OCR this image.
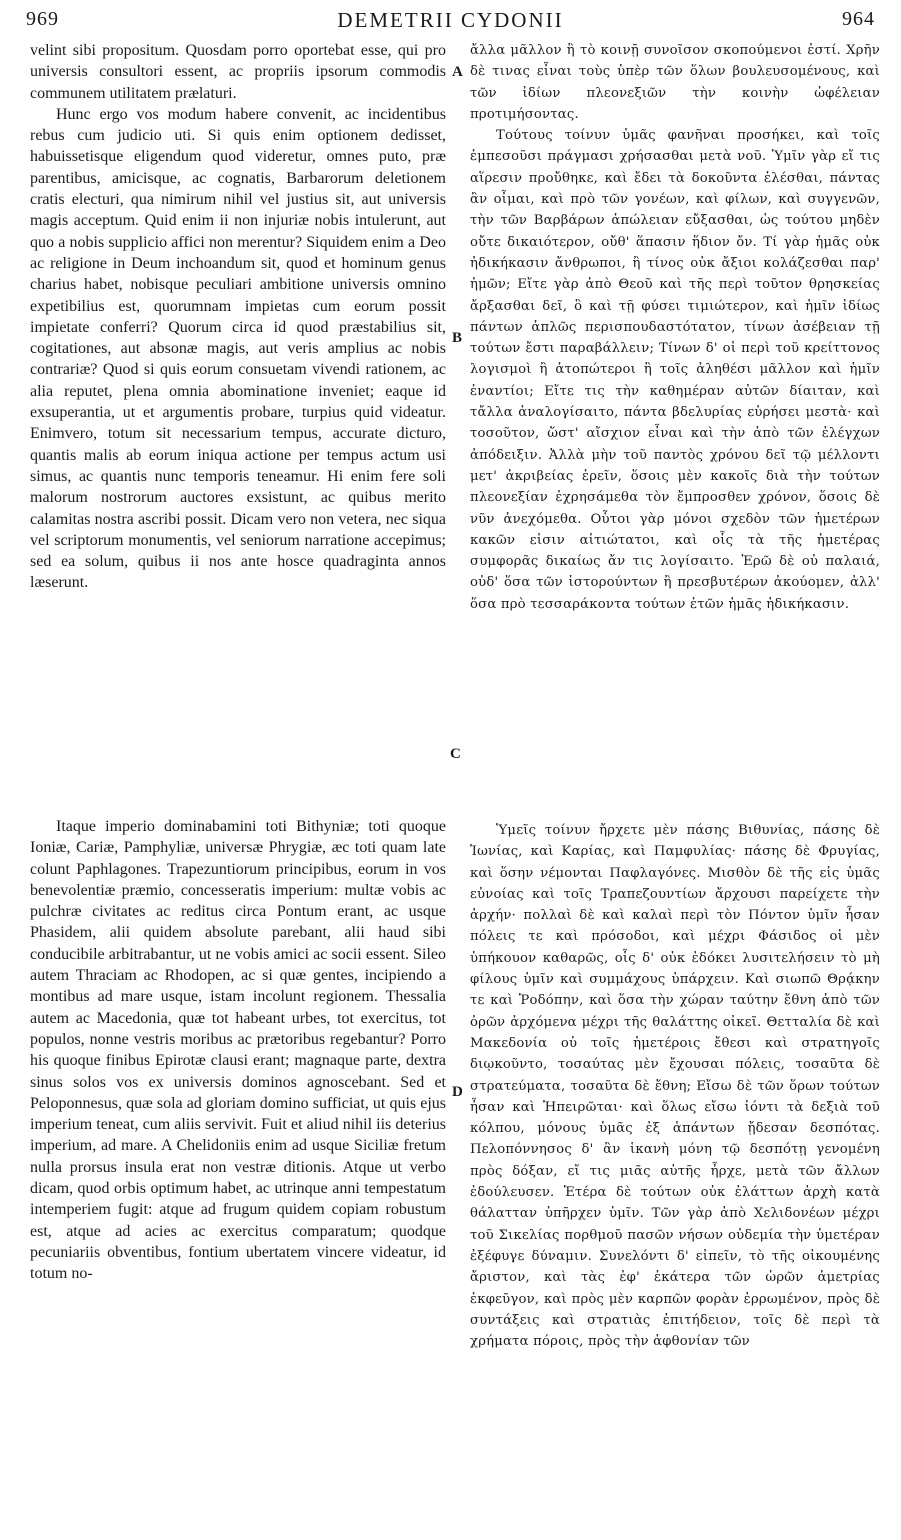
969	DEMETRII CYDONII	964

velint sibi propositum. Quosdam porro oportebat esse, qui pro universis consultori essent, ac propriis ipsorum commodis communem utilitatem prælaturi.

Hunc ergo vos modum habere convenit, ac incidentibus rebus cum judicio uti. Si quis enim optionem dedisset, habuissetisque eligendum quod videretur, omnes puto, præ parentibus, amicisque, ac cognatis, Barbarorum deletionem cratis electuri, qua nimirum nihil vel justius sit, aut universis magis acceptum. Quid enim ii non injuriæ nobis intulerunt, aut quo a nobis supplicio affici non merentur? Siquidem enim a Deo ac religione in Deum inchoandum sit, quod et hominum genus charius habet, nobisque peculiari ambitione universis omnino expetibilius est, quorumnam impietas cum eorum possit impietate conferri? Quorum circa id quod præstabilius sit, cogitationes, aut absonæ magis, aut veris amplius ac nobis contrariæ? Quod si quis eorum consuetam vivendi rationem, ac alia reputet, plena omnia abominatione inveniet; eaque id exsuperantia, ut et argumentis probare, turpius quid videatur. Enimvero, totum sit necessarium tempus, accurate dicturo, quantis malis ab eorum iniqua actione per tempus actum usi simus, ac quantis nunc temporis teneamur. Hi enim fere soli malorum nostrorum auctores exsistunt, ac quibus merito calamitas nostra ascribi possit. Dicam vero non vetera, nec siqua vel scriptorum monumentis, vel seniorum narratione accepimus; sed ea solum, quibus ii nos ante hosce quadraginta annos læserunt.

Itaque imperio dominabamini toti Bithyniæ; toti quoque Ioniæ, Cariæ, Pamphyliæ, universæ Phrygiæ, æc toti quam late colunt Paphlagones. Trapezuntiorum principibus, eorum in vos benevolentiæ præmio, concesseratis imperium: multæ vobis ac pulchræ civitates ac reditus circa Pontum erant, ac usque Phasidem, alii quidem absolute parebant, alii haud sibi conducibile arbitrabantur, ut ne vobis amici ac socii essent. Sileo autem Thraciam ac Rhodopen, ac si quæ gentes, incipiendo a montibus ad mare usque, istam incolunt regionem. Thessalia autem ac Macedonia, quæ tot habeant urbes, tot exercitus, tot populos, nonne vestris moribus ac prætoribus regebantur? Porro his quoque finibus Epirotæ clausi erant; magnaque parte, dextra sinus solos vos ex universis dominos agnoscebant. Sed et Peloponnesus, quæ sola ad gloriam domino sufficiat, ut quis ejus imperium teneat, cum aliis servivit. Fuit et aliud nihil iis deterius imperium, ad mare. A Chelidoniis enim ad usque Siciliæ fretum nulla prorsus insula erat non vestræ ditionis. Atque ut verbo dicam, quod orbis optimum habet, ac utrinque anni tempestatum intemperiem fugit: atque ad frugum quidem copiam robustum est, atque ad acies ac exercitus comparatum; quodque pecuniariis obventibus, fontium ubertatem vincere videatur, id totum no-

A
B
C
D

ἄλλα μᾶλλον ἢ τὸ κοινῇ συνοῖσον σκοπούμενοι ἐστί. Χρῆν δὲ τινας εἶναι τοὺς ὑπὲρ τῶν ὅλων βουλευσομένους, καὶ τῶν ἰδίων πλεονεξιῶν τὴν κοινὴν ὠφέλειαν προτιμήσοντας.

Τούτους τοίνυν ὑμᾶς φανῆναι προσήκει, καὶ τοῖς ἐμπεσοῦσι πράγμασι χρήσασθαι μετὰ νοῦ. Ὑμῖν γὰρ εἴ τις αἵρεσιν προὔθηκε, καὶ ἔδει τὰ δοκοῦντα ἑλέσθαι, πάντας ἂν οἶμαι, καὶ πρὸ τῶν γονέων, καὶ φίλων, καὶ συγγενῶν, τὴν τῶν Βαρβάρων ἀπώλειαν εὔξασθαι, ὡς τούτου μηδὲν οὔτε δικαιότερον, οὔθ' ἅπασιν ἥδιον ὄν. Τί γὰρ ἡμᾶς οὐκ ἠδικήκασιν ἄνθρωποι, ἢ τίνος οὐκ ἄξιοι κολάζεσθαι παρ' ἡμῶν; Εἴτε γὰρ ἀπὸ Θεοῦ καὶ τῆς περὶ τοῦτον θρησκείας ἄρξασθαι δεῖ, ὃ καὶ τῇ φύσει τιμιώτερον, καὶ ἡμῖν ἰδίως πάντων ἁπλῶς περισπουδαστότατον, τίνων ἀσέβειαν τῇ τούτων ἔστι παραβάλλειν; Τίνων δ' οἱ περὶ τοῦ κρείττονος λογισμοὶ ἢ ἀτοπώτεροι ἢ τοῖς ἀληθέσι μᾶλλον καὶ ἡμῖν ἐναντίοι; Εἴτε τις τὴν καθημέραν αὐτῶν δίαιταν, καὶ τἄλλα ἀναλογίσαιτο, πάντα βδελυρίας εὑρήσει μεστὰ· καὶ τοσοῦτον, ὥστ' αἴσχιον εἶναι καὶ τὴν ἀπὸ τῶν ἐλέγχων ἀπόδειξιν. Ἀλλὰ μὴν τοῦ παντὸς χρόνου δεῖ τῷ μέλλοντι μετ' ἀκριβείας ἐρεῖν, ὅσοις μὲν κακοῖς διὰ τὴν τούτων πλεονεξίαν ἐχρησάμεθα τὸν ἔμπροσθεν χρόνον, ὅσοις δὲ νῦν ἀνεχόμεθα. Οὗτοι γὰρ μόνοι σχεδὸν τῶν ἡμετέρων κακῶν εἰσιν αἰτιώτατοι, καὶ οἷς τὰ τῆς ἡμετέρας συμφορᾶς δικαίως ἄν τις λογίσαιτο. Ἐρῶ δὲ οὐ παλαιά, οὐδ' ὅσα τῶν ἱστορούντων ἢ πρεσβυτέρων ἀκούομεν, ἀλλ' ὅσα πρὸ τεσσαράκοντα τούτων ἐτῶν ἡμᾶς ἠδικήκασιν.

Ὑμεῖς τοίνυν ἤρχετε μὲν πάσης Βιθυνίας, πάσης δὲ Ἰωνίας, καὶ Καρίας, καὶ Παμφυλίας· πάσης δὲ Φρυγίας, καὶ ὅσην νέμονται Παφλαγόνες. Μισθὸν δὲ τῆς εἰς ὑμᾶς εὐνοίας καὶ τοῖς Τραπεζουντίων ἄρχουσι παρείχετε τὴν ἀρχήν· πολλαὶ δὲ καὶ καλαὶ περὶ τὸν Πόντον ὑμῖν ἦσαν πόλεις τε καὶ πρόσοδοι, καὶ μέχρι Φάσιδος οἱ μὲν ὑπήκουον καθαρῶς, οἷς δ' οὐκ ἐδόκει λυσιτελήσειν τὸ μὴ φίλους ὑμῖν καὶ συμμάχους ὑπάρχειν. Καὶ σιωπῶ Θρᾴκην τε καὶ Ῥοδόπην, καὶ ὅσα τὴν χώραν ταύτην ἔθνη ἀπὸ τῶν ὀρῶν ἀρχόμενα μέχρι τῆς θαλάττης οἰκεῖ. Θετταλία δὲ καὶ Μακεδονία οὐ τοῖς ἡμετέροις ἔθεσι καὶ στρατηγοῖς διῳκοῦντο, τοσαύτας μὲν ἔχουσαι πόλεις, τοσαῦτα δὲ στρατεύματα, τοσαῦτα δὲ ἔθνη; Εἴσω δὲ τῶν ὅρων τούτων ἦσαν καὶ Ἠπειρῶται· καὶ ὅλως εἴσω ἰόντι τὰ δεξιὰ τοῦ κόλπου, μόνους ὑμᾶς ἐξ ἁπάντων ᾔδεσαν δεσπότας. Πελοπόννησος δ' ἂν ἱκανὴ μόνη τῷ δεσπότῃ γενομένη πρὸς δόξαν, εἴ τις μιᾶς αὐτῆς ἦρχε, μετὰ τῶν ἄλλων ἐδούλευσεν. Ἑτέρα δὲ τούτων οὐκ ἐλάττων ἀρχὴ κατὰ θάλατταν ὑπῆρχεν ὑμῖν. Τῶν γὰρ ἀπὸ Χελιδονέων μέχρι τοῦ Σικελίας πορθμοῦ πασῶν νήσων οὐδεμία τὴν ὑμετέραν ἐξέφυγε δύναμιν. Συνελόντι δ' εἰπεῖν, τὸ τῆς οἰκουμένης ἄριστον, καὶ τὰς ἐφ' ἑκάτερα τῶν ὡρῶν ἀμετρίας ἐκφεῦγον, καὶ πρὸς μὲν καρπῶν φορὰν ἐρρωμένον, πρὸς δὲ συντάξεις καὶ στρατιὰς ἐπιτήδειον, τοῖς δὲ περὶ τὰ χρήματα πόροις, πρὸς τὴν ἀφθονίαν τῶν
